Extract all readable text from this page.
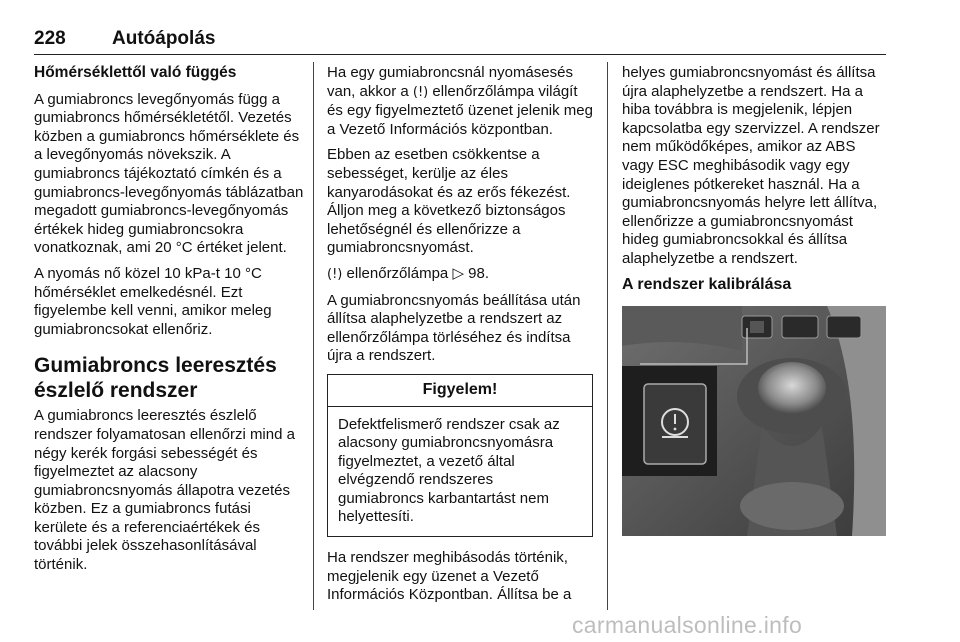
228 Autóápolás
Hőmérséklettől való függés

A gumiabroncs levegőnyomás függ a gumiabroncs hőmérsékletétől. Vezetés közben a gumiabroncs hőmérséklete és a levegőnyomás növekszik. A gumiabroncs tájékoztató címkén és a gumiabroncs-levegőnyomás táblázatban megadott gumiabroncs-levegőnyomás értékek hideg gumiabroncsokra vonatkoznak, ami 20 °C értéket jelent.

A nyomás nő közel 10 kPa-t 10 °C hőmérséklet emelkedésnél. Ezt figyelembe kell venni, amikor meleg gumiabroncsokat ellenőriz.

Gumiabroncs leeresztés észlelő rendszer

A gumiabroncs leeresztés észlelő rendszer folyamatosan ellenőrzi mind a négy kerék forgási sebességét és figyelmeztet az alacsony gumiabroncsnyomás állapotra vezetés közben. Ez a gumiabroncs futási kerülete és a referenciaértékek és további jelek összehasonlításával történik.

Ha egy gumiabroncsnál nyomásesés van, akkor a (!) ellenőrzőlámpa világít és egy figyelmeztető üzenet jelenik meg a Vezető Információs központban.

Ebben az esetben csökkentse a sebességet, kerülje az éles kanyarodásokat és az erős fékezést. Álljon meg a következő biztonságos lehetőségnél és ellenőrizze a gumiabroncsnyomást.

(!) ellenőrzőlámpa ▷ 98.

A gumiabroncsnyomás beállítása után állítsa alaphelyzetbe a rendszert az ellenőrzőlámpa törléséhez és indítsa újra a rendszert.

Figyelem!
Defektfelismerő rendszer csak az alacsony gumiabroncsnyomásra figyelmeztet, a vezető által elvégzendő rendszeres gumiabroncs karbantartást nem helyettesíti.

Ha rendszer meghibásodás történik, megjelenik egy üzenet a Vezető Információs Központban. Állítsa be a

helyes gumiabroncsnyomást és állítsa újra alaphelyzetbe a rendszert. Ha a hiba továbbra is megjelenik, lépjen kapcsolatba egy szervizzel. A rendszer nem működőképes, amikor az ABS vagy ESC meghibásodik vagy egy ideiglenes pótkereket használ. Ha a gumiabroncsnyomás helyre lett állítva, ellenőrizze a gumiabroncsnyomást hideg gumiabroncsokkal és állítsa alaphelyzetbe a rendszert.

A rendszer kalibrálása
carmanualsonline.info
